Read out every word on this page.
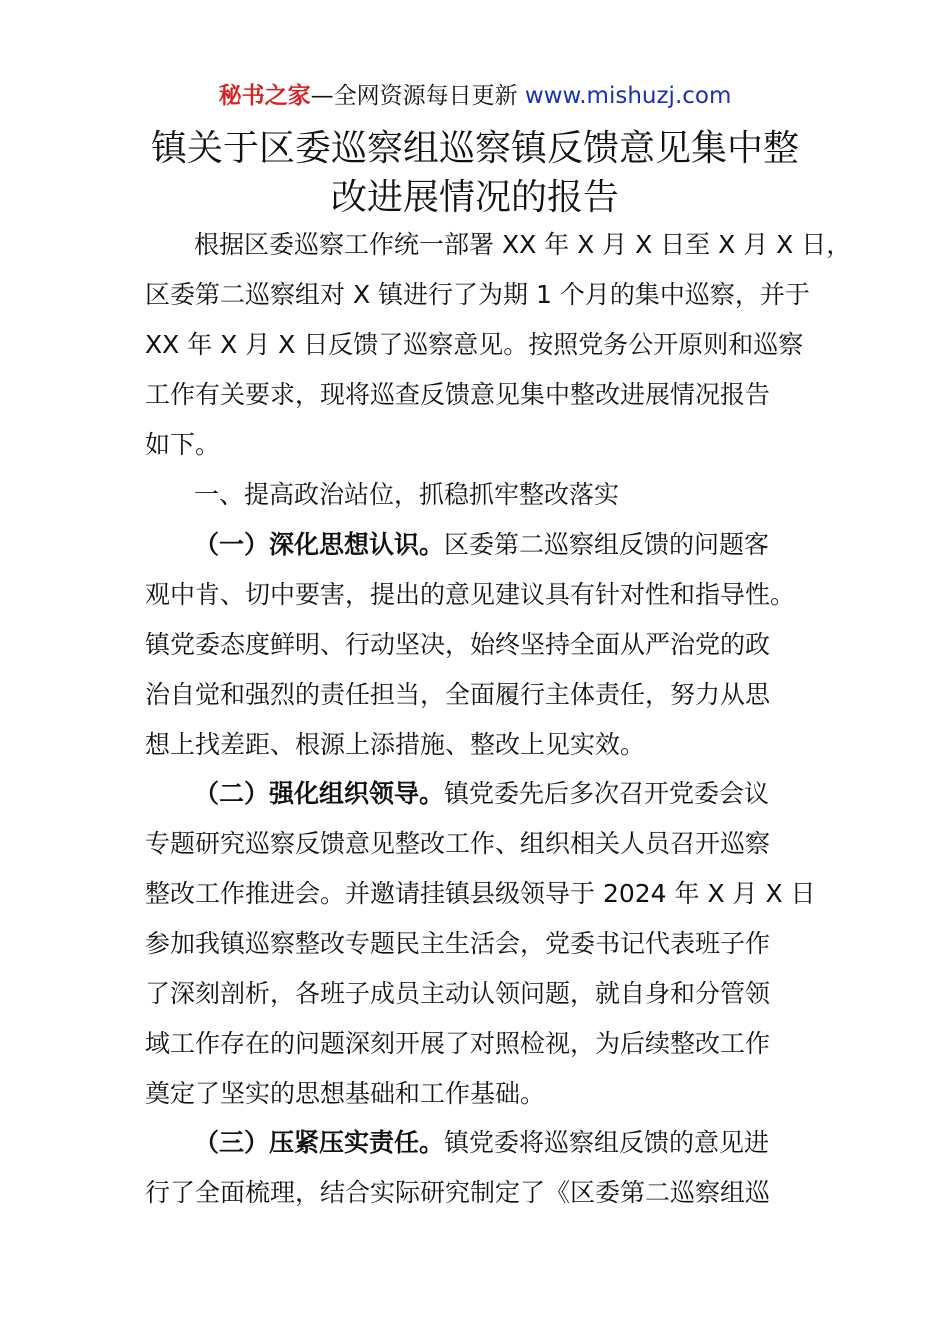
秘书之家—全网资源每日更新 www.mishuzj.com
镇关于区委巡察组巡察镇反馈意见集中整
改进展情况的报告
根据区委巡察工作统一部署 XX 年 X 月 X 日至 X 月 X 日，
区委第二巡察组对 X 镇进行了为期 1 个月的集中巡察，并于
XX 年 X 月 X 日反馈了巡察意见。按照党务公开原则和巡察
工作有关要求，现将巡查反馈意见集中整改进展情况报告
如下。
一、提高政治站位，抓稳抓牢整改落实
（一）深化思想认识。区委第二巡察组反馈的问题客
观中肯、切中要害，提出的意见建议具有针对性和指导性。
镇党委态度鲜明、行动坚决，始终坚持全面从严治党的政
治自觉和强烈的责任担当，全面履行主体责任，努力从思
想上找差距、根源上添措施、整改上见实效。
（二）强化组织领导。镇党委先后多次召开党委会议
专题研究巡察反馈意见整改工作、组织相关人员召开巡察
整改工作推进会。并邀请挂镇县级领导于 2024 年 X 月 X 日
参加我镇巡察整改专题民主生活会，党委书记代表班子作
了深刻剖析，各班子成员主动认领问题，就自身和分管领
域工作存在的问题深刻开展了对照检视，为后续整改工作
奠定了坚实的思想基础和工作基础。
（三）压紧压实责任。镇党委将巡察组反馈的意见进
行了全面梳理，结合实际研究制定了《区委第二巡察组巡
